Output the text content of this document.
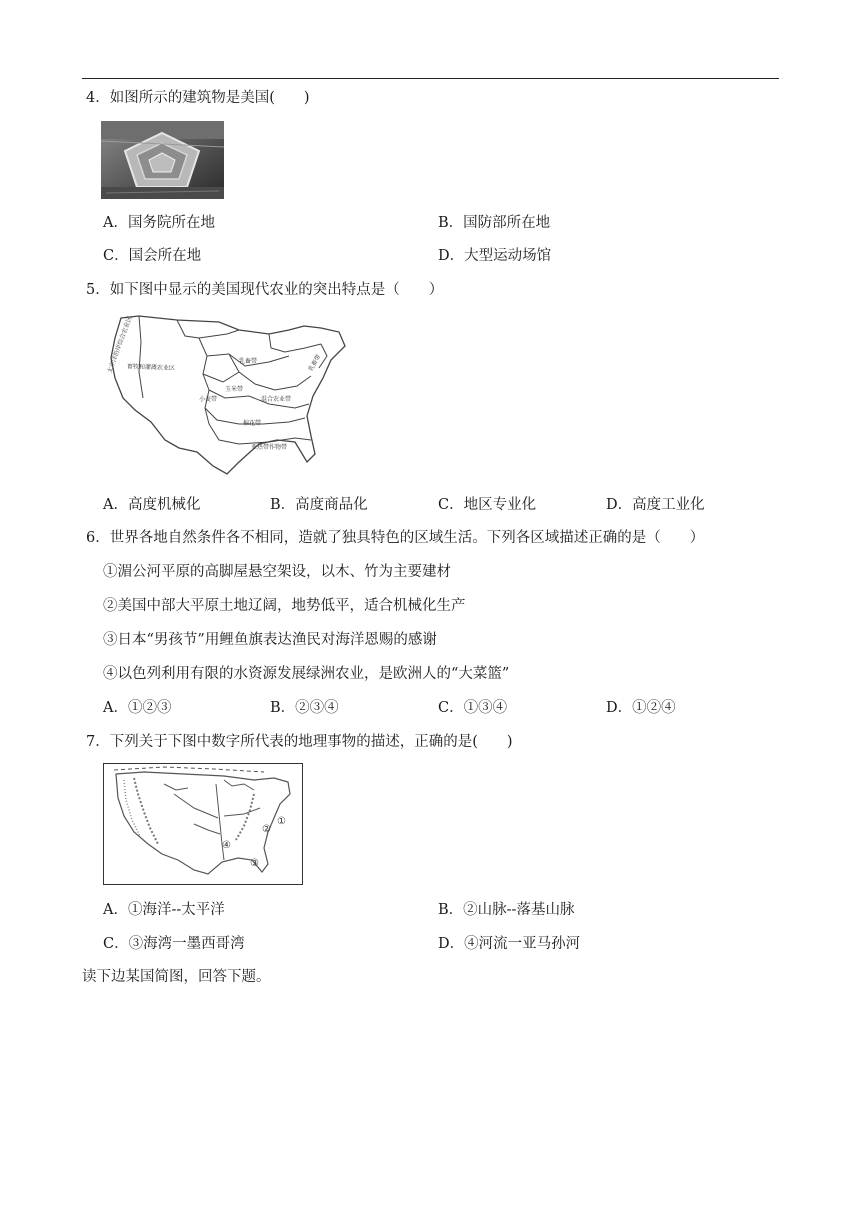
4．如图所示的建筑物是美国(　　)
A．国务院所在地	B．国防部所在地
C．国会所在地	D．大型运动场馆
5．如下图中显示的美国现代农业的突出特点是（　　）
畜牧和灌溉农业区
太平洋沿岸综合农业区	乳畜带
玉米带
小麦带	混合农业带
棉花带
亚热带作物带
乳畜带
A．高度机械化	B．高度商品化	C．地区专业化	D．高度工业化
6．世界各地自然条件各不相同，造就了独具特色的区域生活。下列各区域描述正确的是（　　）
①湄公河平原的高脚屋悬空架设，以木、竹为主要建材
②美国中部大平原土地辽阔，地势低平，适合机械化生产
③日本“男孩节”用鲤鱼旗表达渔民对海洋恩赐的感谢
④以色列利用有限的水资源发展绿洲农业，是欧洲人的“大菜篮”
A．①②③	B．②③④	C．①③④	D．①②④
7．下列关于下图中数字所代表的地理事物的描述，正确的是(　　)
①
②
③
④
A．①海洋--太平洋	B．②山脉--落基山脉
C．③海湾一墨西哥湾	D．④河流一亚马孙河
读下边某国简图，回答下题。
